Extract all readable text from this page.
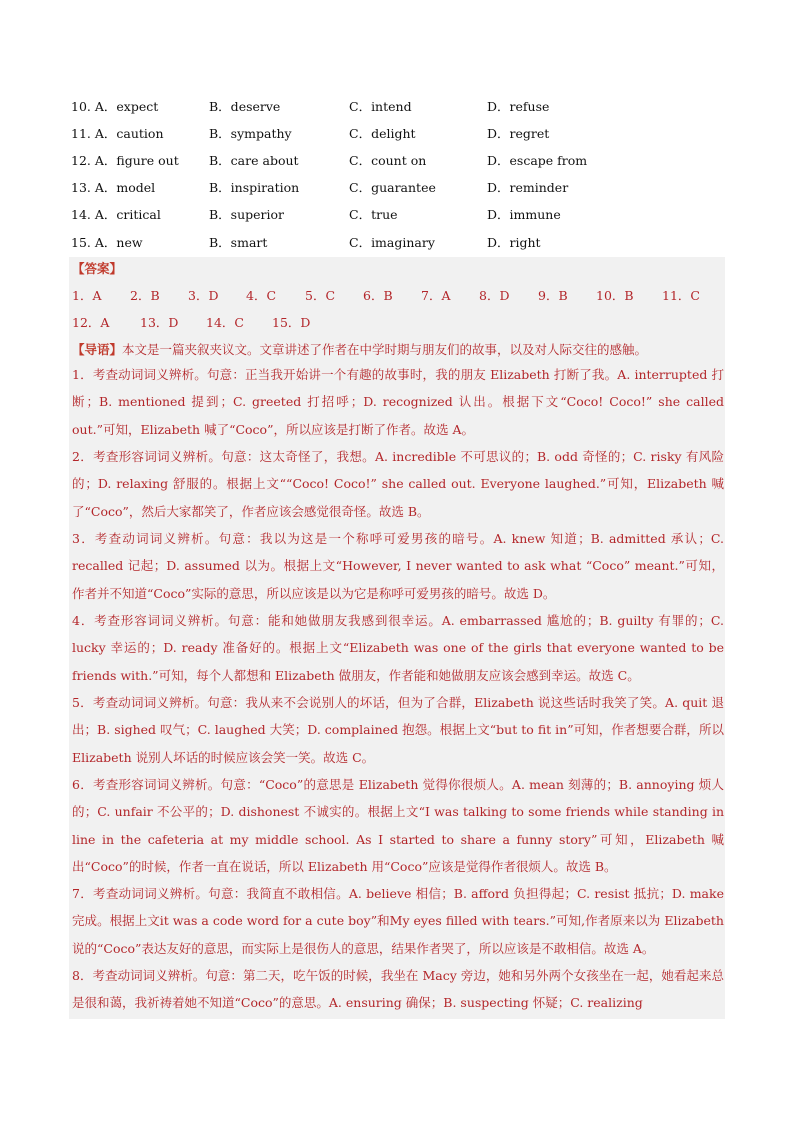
10. A．expect	B．deserve	C．intend	D．refuse
11. A．caution	B．sympathy	C．delight	D．regret
12. A．figure out	B．care about	C．count on	D．escape from
13. A．model	B．inspiration	C．guarantee	D．reminder
14. A．critical	B．superior	C．true	D．immune
15. A．new	B．smart	C．imaginary	D．right
【答案】
1．A 2．B 3．D 4．C 5．C 6．B 7．A 8．D 9．B 10．B 11．C
12．A 13．D 14．C 15．D
【导语】本文是一篇夹叙夹议文。文章讲述了作者在中学时期与朋友们的故事，以及对人际交往的感触。
1．考查动词词义辨析。句意：正当我开始讲一个有趣的故事时，我的朋友 Elizabeth 打断了我。A. interrupted 打断；B. mentioned 提到；C. greeted 打招呼；D. recognized 认出。根据下文“Coco! Coco!” she called out.”可知，Elizabeth 喊了“Coco”，所以应该是打断了作者。故选 A。
2．考查形容词词义辨析。句意：这太奇怪了，我想。A. incredible 不可思议的；B. odd 奇怪的；C. risky 有风险的；D. relaxing 舒服的。根据上文““Coco! Coco!” she called out. Everyone laughed.”可知，Elizabeth 喊了“Coco”，然后大家都笑了，作者应该会感觉很奇怪。故选 B。
3．考查动词词义辨析。句意：我以为这是一个称呼可爱男孩的暗号。A. knew 知道；B. admitted 承认；C. recalled 记起；D. assumed 以为。根据上文“However, I never wanted to ask what “Coco” meant.”可知，作者并不知道“Coco”实际的意思，所以应该是以为它是称呼可爱男孩的暗号。故选 D。
4．考查形容词词义辨析。句意：能和她做朋友我感到很幸运。A. embarrassed 尴尬的；B. guilty 有罪的；C. lucky 幸运的；D. ready 准备好的。根据上文“Elizabeth was one of the girls that everyone wanted to be friends with.”可知，每个人都想和 Elizabeth 做朋友，作者能和她做朋友应该会感到幸运。故选 C。
5．考查动词词义辨析。句意：我从来不会说别人的坏话，但为了合群，Elizabeth 说这些话时我笑了笑。A. quit 退出；B. sighed 叹气；C. laughed 大笑；D. complained 抱怨。根据上文“but to fit in”可知，作者想要合群，所以 Elizabeth 说别人坏话的时候应该会笑一笑。故选 C。
6．考查形容词词义辨析。句意：“Coco”的意思是 Elizabeth 觉得你很烦人。A. mean 刻薄的；B. annoying 烦人的；C. unfair 不公平的；D. dishonest 不诚实的。根据上文“I was talking to some friends while standing in line in the cafeteria at my middle school. As I started to share a funny story”可知，Elizabeth 喊出“Coco”的时候，作者一直在说话，所以 Elizabeth 用“Coco”应该是觉得作者很烦人。故选 B。
7．考查动词词义辨析。句意：我简直不敢相信。A. believe 相信；B. afford 负担得起；C. resist 抵抗；D. make 完成。根据上文it was a code word for a cute boy”和My eyes filled with tears.”可知,作者原来以为 Elizabeth 说的“Coco”表达友好的意思，而实际上是很伤人的意思，结果作者哭了，所以应该是不敢相信。故选 A。
8．考查动词词义辨析。句意：第二天，吃午饭的时候，我坐在 Macy 旁边，她和另外两个女孩坐在一起，她看起来总是很和蔼，我祈祷着她不知道“Coco”的意思。A. ensuring 确保；B. suspecting 怀疑；C. realizing
